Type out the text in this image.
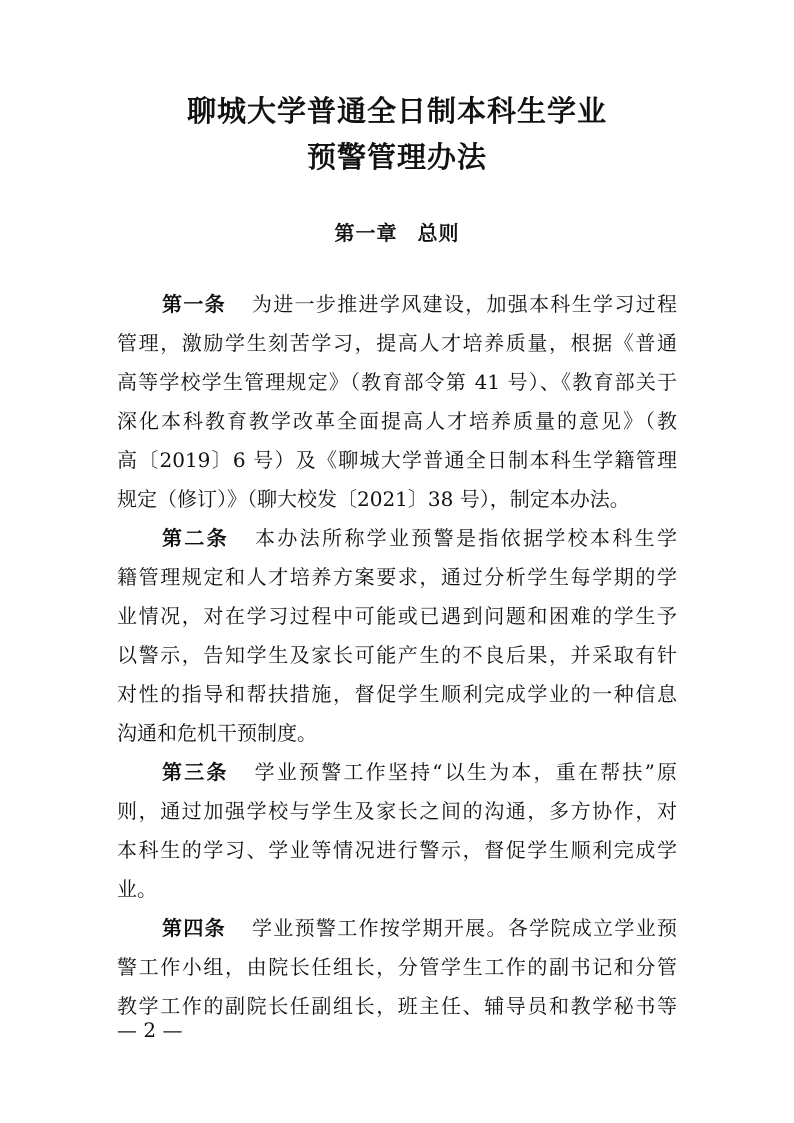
聊城大学普通全日制本科生学业
预警管理办法
第一章 总则
第一条 为进一步推进学风建设，加强本科生学习过程
管理，激励学生刻苦学习，提高人才培养质量，根据《普通
高等学校学生管理规定》（教育部令第 41 号）、《教育部关于
深化本科教育教学改革全面提高人才培养质量的意见》（教
高〔2019〕6 号）及《聊城大学普通全日制本科生学籍管理
规定（修订）》（聊大校发〔2021〕38 号），制定本办法。
第二条 本办法所称学业预警是指依据学校本科生学
籍管理规定和人才培养方案要求，通过分析学生每学期的学
业情况，对在学习过程中可能或已遇到问题和困难的学生予
以警示，告知学生及家长可能产生的不良后果，并采取有针
对性的指导和帮扶措施，督促学生顺利完成学业的一种信息
沟通和危机干预制度。
第三条 学业预警工作坚持“以生为本，重在帮扶”原
则，通过加强学校与学生及家长之间的沟通，多方协作，对
本科生的学习、学业等情况进行警示，督促学生顺利完成学
业。
第四条 学业预警工作按学期开展。各学院成立学业预
警工作小组，由院长任组长，分管学生工作的副书记和分管
教学工作的副院长任副组长，班主任、辅导员和教学秘书等
— 2 —
